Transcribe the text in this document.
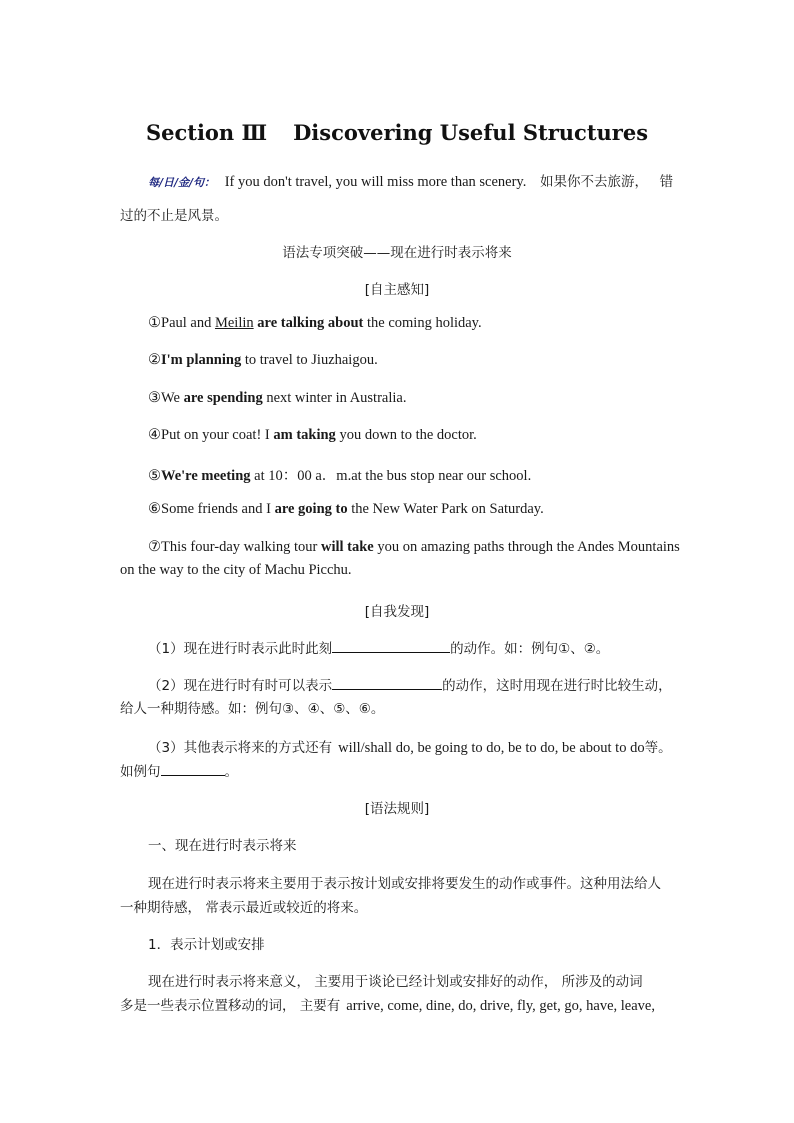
Section Ⅲ Discovering Useful Structures
每/日/金/句： If you don't travel, you will miss more than scenery. 如果你不去旅游， 错
过的不止是风景。
语法专项突破——现在进行时表示将来
[自主感知]
①Paul and Meilin are talking about the coming holiday.
②I'm planning to travel to Jiuzhaigou.
③We are spending next winter in Australia.
④Put on your coat! I am taking you down to the doctor.
⑤We're meeting at 10：00 a．m.at the bus stop near our school.
⑥Some friends and I are going to the New Water Park on Saturday.
⑦This four-day walking tour will take you on amazing paths through the Andes Mountains
on the way to the city of Machu Picchu.
[自我发现]
（1）现在进行时表示此时此刻	的动作。如：例句①、②。
（2）现在进行时有时可以表示	的动作，这时用现在进行时比较生动，
给人一种期待感。如：例句③、④、⑤、⑥。
（3）其他表示将来的方式还有 will/shall do, be going to do, be to do, be about to do等。
如例句	。
[语法规则]
一、现在进行时表示将来
现在进行时表示将来主要用于表示按计划或安排将要发生的动作或事件。这种用法给人
一种期待感， 常表示最近或较近的将来。
1．表示计划或安排
现在进行时表示将来意义， 主要用于谈论已经计划或安排好的动作， 所涉及的动词
多是一些表示位置移动的词， 主要有 arrive, come, dine, do, drive, fly, get, go, have, leave,
